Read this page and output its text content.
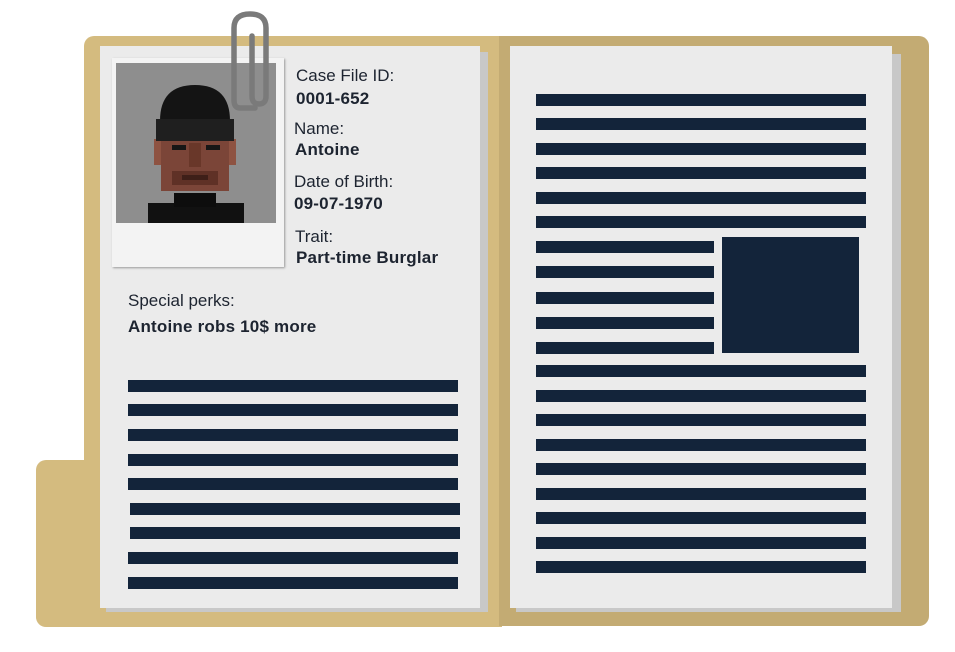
Case File ID:
0001-652
Name:
Antoine
Date of Birth:
09-07-1970
Trait:
Part-time Burglar
Special perks:
Antoine robs 10$ more
